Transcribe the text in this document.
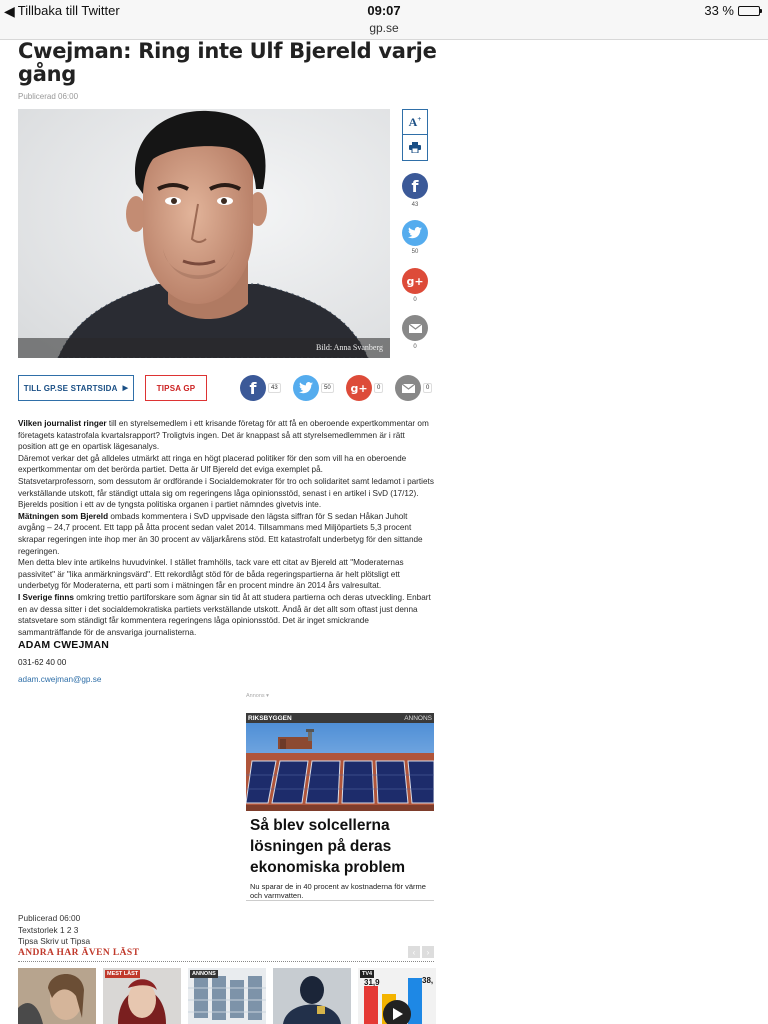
◀ Tillbaka till Twitter	09:07
gp.se
33 %
Cwejman: Ring inte Ulf Bjereld varje gång
Publicerad 06:00
Bild: Anna Svanberg
A+
f
43
50
g+
0
0
TILL GP.SE STARTSIDA ▶	TIPSA GP	f	43	50	g+	0	0

Vilken journalist ringer till en styrelsemedlem i ett krisande företag för att få en oberoende expertkommentar om företagets katastrofala kvartalsrapport? Troligtvis ingen. Det är knappast så att styrelsemedlemmen är i rätt position att ge en opartisk lägesanalys.

Däremot verkar det gå alldeles utmärkt att ringa en högt placerad politiker för den som vill ha en oberoende expertkommentar om det berörda partiet. Detta är Ulf Bjereld det eviga exemplet på.

Statsvetarprofessorn, som dessutom är ordförande i Socialdemokrater för tro och solidaritet samt ledamot i partiets verkställande utskott, får ständigt uttala sig om regeringens låga opinionsstöd, senast i en artikel i SvD (17/12). Bjerelds position i ett av de tyngsta politiska organen i partiet nämndes givetvis inte.

Mätningen som Bjereld ombads kommentera i SvD uppvisade den lägsta siffran för S sedan Håkan Juholt avgång – 24,7 procent. Ett tapp på åtta procent sedan valet 2014. Tillsammans med Miljöpartiets 5,3 procent skrapar regeringen inte ihop mer än 30 procent av väljarkårens stöd. Ett katastrofalt underbetyg för den sittande regeringen.

Men detta blev inte artikelns huvudvinkel. I stället framhölls, tack vare ett citat av Bjereld att "Moderaternas passivitet" är "lika anmärkningsvärd". Ett rekordlågt stöd för de båda regeringspartierna är helt plötsligt ett underbetyg för Moderaterna, ett parti som i mätningen får en procent mindre än 2014 års valresultat.

I Sverige finns omkring trettio partiforskare som ägnar sin tid åt att studera partierna och deras utveckling. Enbart en av dessa sitter i det socialdemokratiska partiets verkställande utskott. Ändå är det allt som oftast just denna statsvetare som ständigt får kommentera regeringens låga opinionsstöd. Det är inget smickrande sammanträffande för de ansvariga journalisterna.

ADAM CWEJMAN
031-62 40 00
adam.cwejman@gp.se
Annons ▾
RIKSBYGGEN	ANNONS
Så blev solcellerna lösningen på deras ekonomiska problem
Nu sparar de in 40 procent av kostnaderna för värme och varmvatten.
Publicerad 06:00
Textstorlek 1 2 3
Tipsa Skriv ut Tipsa
ANDRA HAR ÄVEN LÄST	‹	›
MEST LÄST	ANNONS	TV4
31,9	38,
